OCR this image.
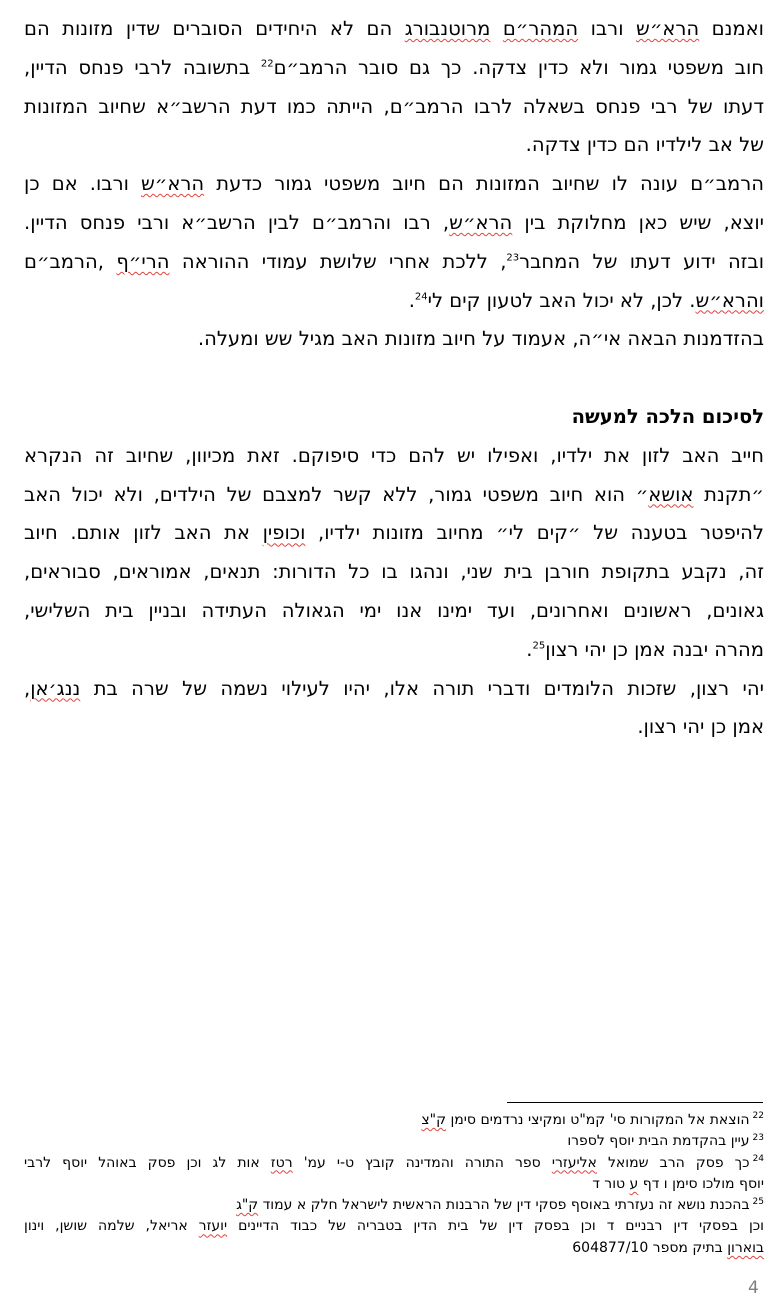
ואמנם הרא״ש ורבו המהר״ם מרוטנבורג הם לא היחידים הסוברים שדין מזונות הם
חוב משפטי גמור ולא כדין צדקה. כך גם סובר הרמב״ם$^{22}$ בתשובה לרבי פנחס הדיין,
דעתו של רבי פנחס בשאלה לרבו הרמב״ם, הייתה כמו דעת הרשב״א שחיוב המזונות
של אב לילדיו הם כדין צדקה.
הרמב״ם עונה לו שחיוב המזונות הם חיוב משפטי גמור כדעת הרא״ש ורבו. אם כן
יוצא, שיש כאן מחלוקת בין הרא״ש, רבו והרמב״ם לבין הרשב״א ורבי פנחס הדיין.
ובזה ידוע דעתו של המחבר$^{23}$, ללכת אחרי שלושת עמודי ההוראה הרי״ף ,הרמב״ם
והרא״ש. לכן, לא יכול האב לטעון קים לי$^{24}$.
בהזדמנות הבאה אי״ה, אעמוד על חיוב מזונות האב מגיל שש ומעלה.
לסיכום הלכה למעשה
חייב האב לזון את ילדיו, ואפילו יש להם כדי סיפוקם. זאת מכיוון, שחיוב זה הנקרא
״תקנת אושא״ הוא חיוב משפטי גמור, ללא קשר למצבם של הילדים, ולא יכול האב
להיפטר בטענה של ״קים לי״ מחיוב מזונות ילדיו, וכופין את האב לזון אותם. חיוב
זה, נקבע בתקופת חורבן בית שני, ונהגו בו כל הדורות: תנאים, אמוראים, סבוראים,
גאונים, ראשונים ואחרונים, ועד ימינו אנו ימי הגאולה העתידה ובניין בית השלישי,
מהרה יבנה אמן כן יהי רצון$^{25}$.
יהי רצון, שזכות הלומדים ודברי תורה אלו, יהיו לעילוי נשמה של שרה בת ננג׳אן,
אמן כן יהי רצון.
$^{22}$הוצאת אל המקורות סי' קמ"ט ומקיצי נרדמים סימן ק"צ
$^{23}$עיין בהקדמת הבית יוסף לספרו
$^{24}$כך פסק הרב שמואל אליעזרי ספר התורה והמדינה קובץ ט-י עמ' רטז אות לג וכן פסק באוהל יוסף לרבי
יוסף מולכו סימן ו דף ע טור ד
$^{25}$בהכנת נושא זה נעזרתי באוסף פסקי דין של הרבנות הראשית לישראל חלק א עמוד ק"ג
וכן בפסקי דין רבניים ד וכן בפסק דין של בית הדין בטבריה של כבוד הדיינים יועזר אריאל, שלמה שושן, וינון
בוארון בתיק מספר 604877/10
4
